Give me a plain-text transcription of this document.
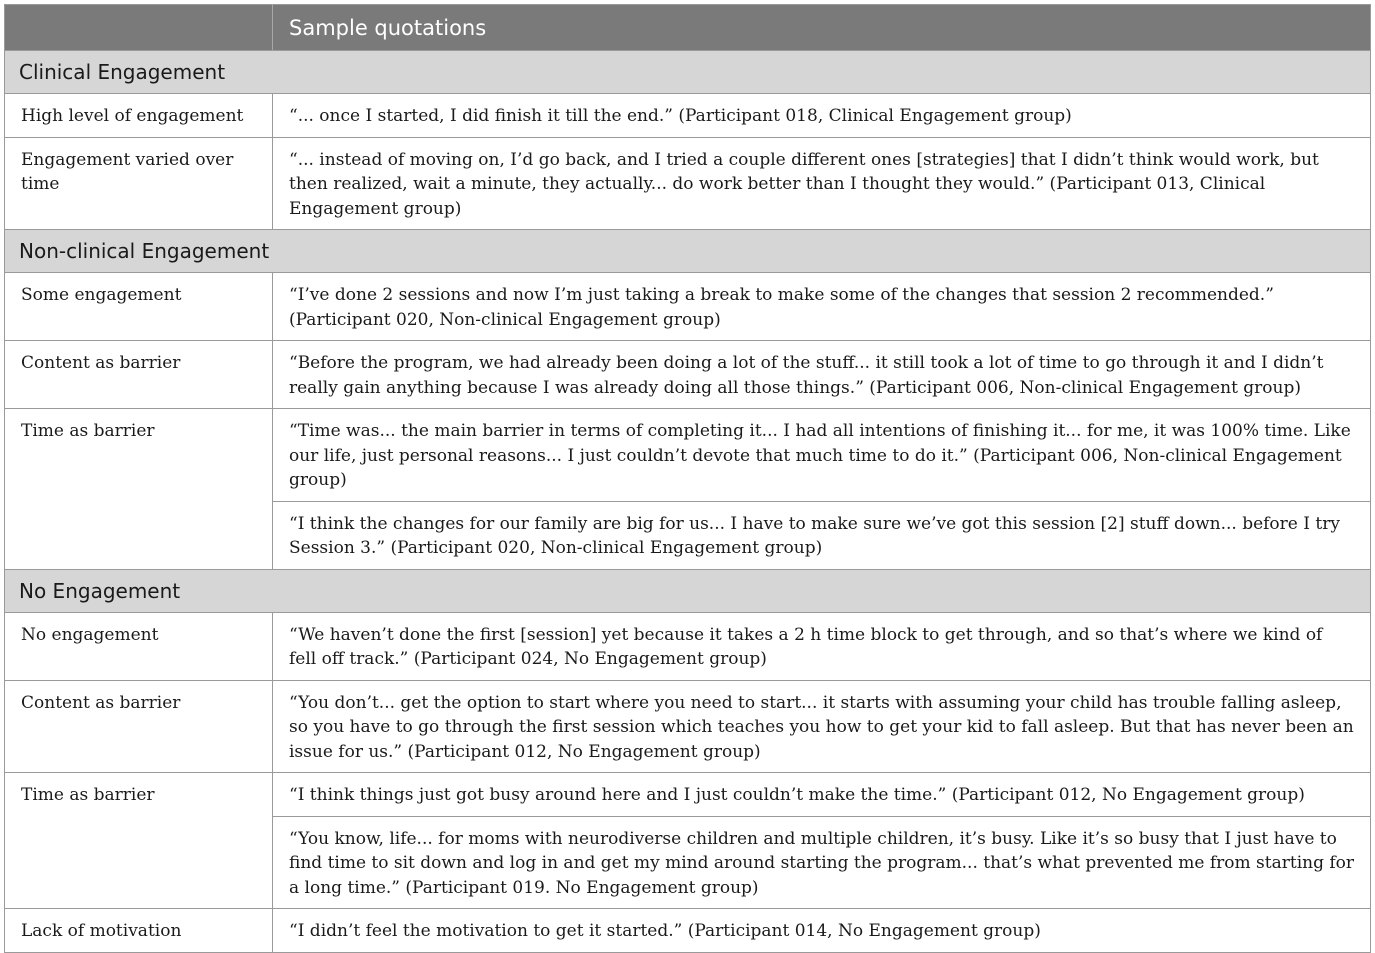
	Sample quotations
Clinical Engagement	
High level of engagement	“... once I started, I did finish it till the end.” (Participant 018, Clinical Engagement group)
Engagement varied over time	“... instead of moving on, I’d go back, and I tried a couple different ones [strategies] that I didn’t think would work, but then realized, wait a minute, they actually... do work better than I thought they would.” (Participant 013, Clinical Engagement group)
Non-clinical Engagement	
Some engagement	“I’ve done 2 sessions and now I’m just taking a break to make some of the changes that session 2 recommended.” (Participant 020, Non-clinical Engagement group)
Content as barrier	“Before the program, we had already been doing a lot of the stuff... it still took a lot of time to go through it and I didn’t really gain anything because I was already doing all those things.” (Participant 006, Non-clinical Engagement group)
Time as barrier	“Time was... the main barrier in terms of completing it... I had all intentions of finishing it... for me, it was 100% time. Like our life, just personal reasons... I just couldn’t devote that much time to do it.” (Participant 006, Non-clinical Engagement group)
	“I think the changes for our family are big for us... I have to make sure we’ve got this session [2] stuff down... before I try Session 3.” (Participant 020, Non-clinical Engagement group)
No Engagement	
No engagement	“We haven’t done the first [session] yet because it takes a 2 h time block to get through, and so that’s where we kind of fell off track.” (Participant 024, No Engagement group)
Content as barrier	“You don’t... get the option to start where you need to start... it starts with assuming your child has trouble falling asleep, so you have to go through the first session which teaches you how to get your kid to fall asleep. But that has never been an issue for us.” (Participant 012, No Engagement group)
Time as barrier	“I think things just got busy around here and I just couldn’t make the time.” (Participant 012, No Engagement group)
	“You know, life... for moms with neurodiverse children and multiple children, it’s busy. Like it’s so busy that I just have to find time to sit down and log in and get my mind around starting the program... that’s what prevented me from starting for a long time.” (Participant 019. No Engagement group)
Lack of motivation	“I didn’t feel the motivation to get it started.” (Participant 014, No Engagement group)
